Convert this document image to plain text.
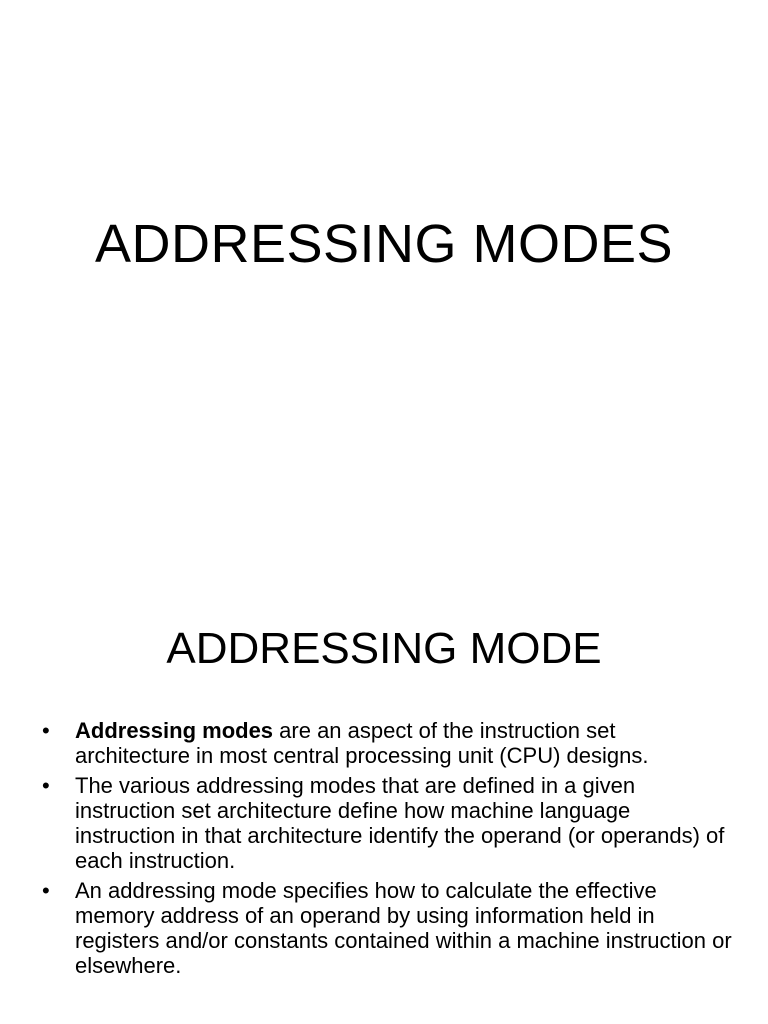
ADDRESSING MODES
ADDRESSING MODE
• Addressing modes are an aspect of the instruction set architecture in most central processing unit (CPU) designs.
• The various addressing modes that are defined in a given instruction set architecture define how machine language instruction in that architecture identify the operand (or operands) of each instruction.
• An addressing mode specifies how to calculate the effective memory address of an operand by using information held in registers and/or constants contained within a machine instruction or elsewhere.
